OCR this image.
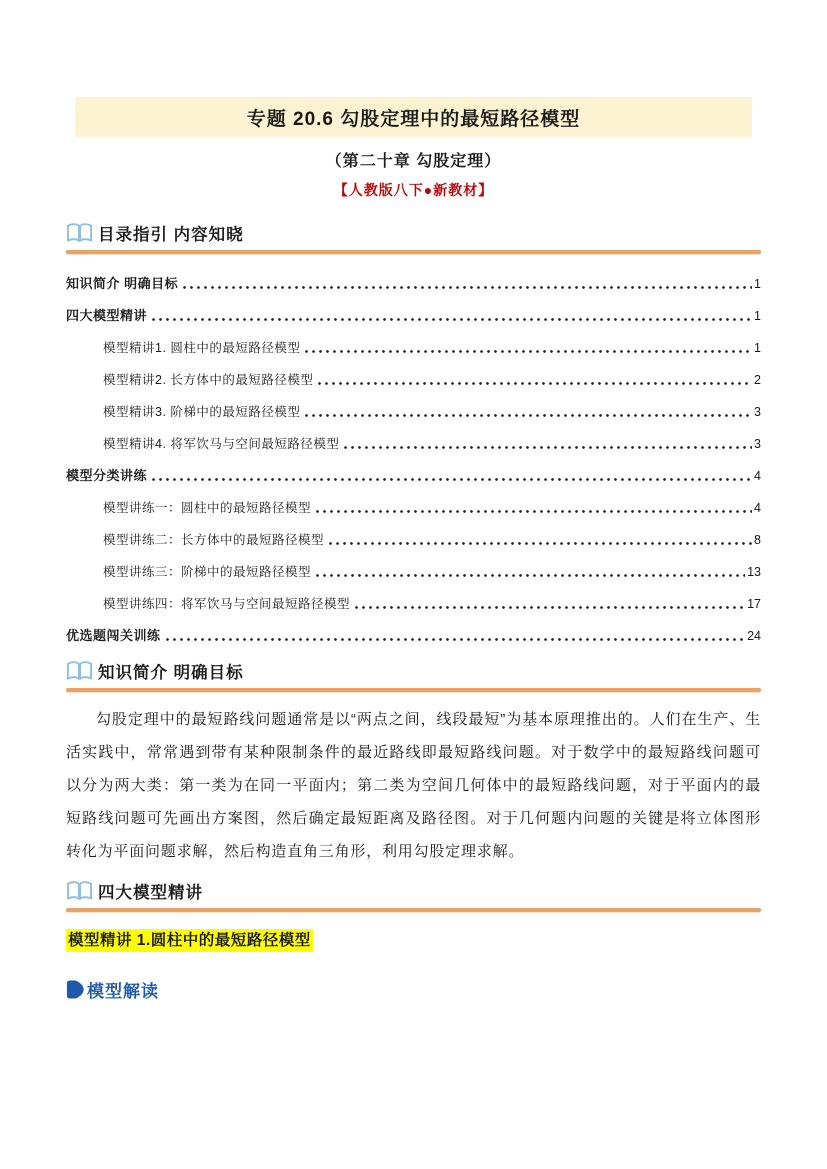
专题 20.6 勾股定理中的最短路径模型
（第二十章 勾股定理）
【人教版八下●新教材】
目录指引 内容知晓
知识简介 明确目标	1
四大模型精讲	1
模型精讲1. 圆柱中的最短路径模型	1
模型精讲2. 长方体中的最短路径模型	2
模型精讲3. 阶梯中的最短路径模型	3
模型精讲4. 将军饮马与空间最短路径模型	3
模型分类讲练	4
模型讲练一：圆柱中的最短路径模型	4
模型讲练二：长方体中的最短路径模型	8
模型讲练三：阶梯中的最短路径模型	13
模型讲练四：将军饮马与空间最短路径模型	17
优选题闯关训练	24
知识简介 明确目标

勾股定理中的最短路线问题通常是以“两点之间，线段最短”为基本原理推出的。人们在生产、生活实践中，常常遇到带有某种限制条件的最近路线即最短路线问题。对于数学中的最短路线问题可以分为两大类：第一类为在同一平面内；第二类为空间几何体中的最短路线问题，对于平面内的最短路线问题可先画出方案图，然后确定最短距离及路径图。对于几何题内问题的关键是将立体图形转化为平面问题求解，然后构造直角三角形，利用勾股定理求解。

四大模型精讲
模型精讲 1.圆柱中的最短路径模型
模型解读
